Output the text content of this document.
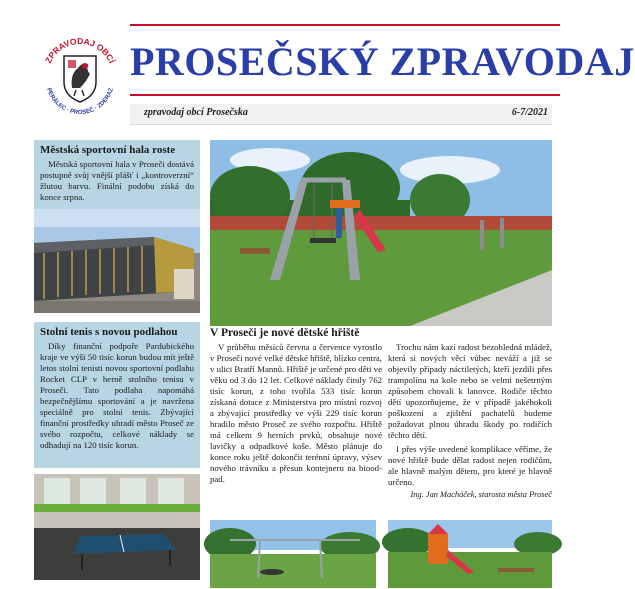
ZPRAVODAJ OBCÍ
PERÁLEC · PROSEČ · ZDERAZ
PROSEČSKÝ ZPRAVODAJ
zpravodaj obcí Prosečska	6-7/2021
Městská sportovní hala roste

Městská sportovní hala v Proseči dostává postupně svůj vnější plášť i „kontroverzní“ žlutou barvu. Finální podobu získá do konce srpna.

Stolní tenis s novou podlahou

Díky finanční podpoře Pardubického kraje ve výši 50 tisíc korun budou mít ještě letos stolní tenisti novou sportovní podlahu Rocket CLP v herně stolního tenisu v Proseči. Tato podlaha napomáhá bezpečnějšímu sportování a je navržena speciálně pro stolní tenis. Zbývající finanční prostředky uhradí město Proseč ze svého rozpočtu, celkové náklady se odhadují na 120 tisíc korun.

V Proseči je nové dětské hřiště

V průběhu měsíců června a července vyrostlo v Proseči nové velké dětské hřiště, blízko centra, v ulici Bratří Mannů. Hřiště je určené pro děti ve věku od 3 do 12 let. Celkové náklady činily 762 tisíc korun, z toho tvořila 533 tisíc korun získaná dotace z Ministerstva pro místní rozvoj a zbývající prostředky ve výši 229 tisíc korun hradilo město Proseč ze svého rozpočtu. Hřiště má celkem 9 herních prvků, obsahuje nové lavičky a odpadkové koše. Město plánuje do konce roku ještě dokončit terénní úpravy, výsev nového trávníku a přesun kontejneru na bioodpad.

Trochu nám kazí radost bezohledná mládež, která si nových věcí vůbec neváží a již se objevily případy náctiletých, kteří jezdili přes trampolínu na kole nebo se velmi nešetrným způsobem chovali k lanovce. Rodiče těchto dětí upozorňujeme, že v případě jakéhokoli poškození a zjištění pachatelů budeme požadovat plnou úhradu škody po rodičích těchto dětí.

I přes výše uvedené komplikace věříme, že nové hřiště bude dělat radost nejen rodičům, ale hlavně malým dětem, pro které je hlavně určeno.

Ing. Jan Macháček, starosta města Proseč
